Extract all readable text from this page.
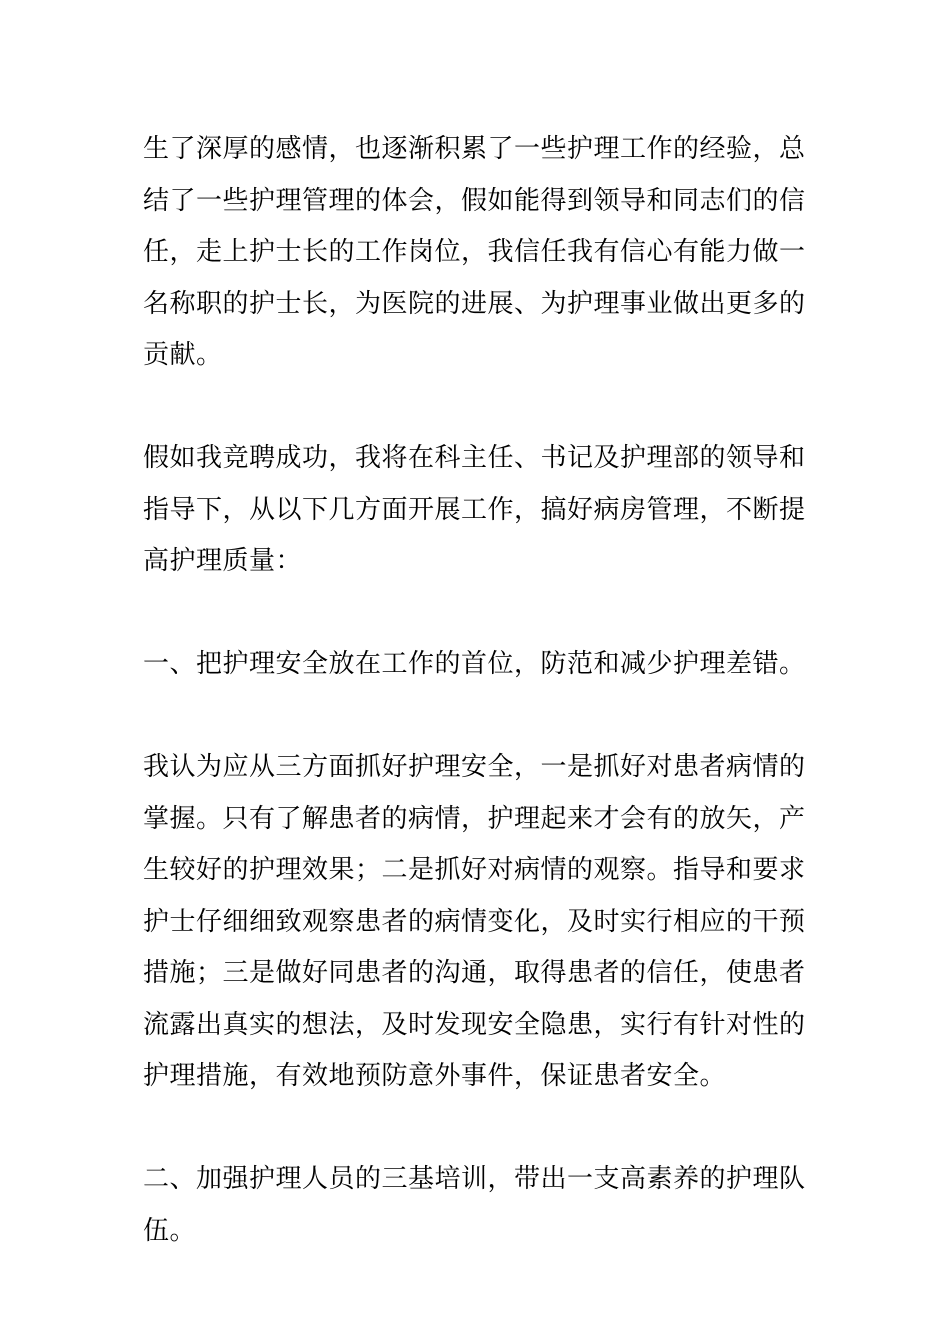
生了深厚的感情，也逐渐积累了一些护理工作的经验，总
结了一些护理管理的体会，假如能得到领导和同志们的信
任，走上护士长的工作岗位，我信任我有信心有能力做一
名称职的护士长，为医院的进展、为护理事业做出更多的
贡献。
假如我竞聘成功，我将在科主任、书记及护理部的领导和
指导下，从以下几方面开展工作，搞好病房管理，不断提
高护理质量：
一、把护理安全放在工作的首位，防范和减少护理差错。
我认为应从三方面抓好护理安全，一是抓好对患者病情的
掌握。只有了解患者的病情，护理起来才会有的放矢，产
生较好的护理效果；二是抓好对病情的观察。指导和要求
护士仔细细致观察患者的病情变化，及时实行相应的干预
措施；三是做好同患者的沟通，取得患者的信任，使患者
流露出真实的想法，及时发现安全隐患，实行有针对性的
护理措施，有效地预防意外事件，保证患者安全。
二、加强护理人员的三基培训，带出一支高素养的护理队
伍。
